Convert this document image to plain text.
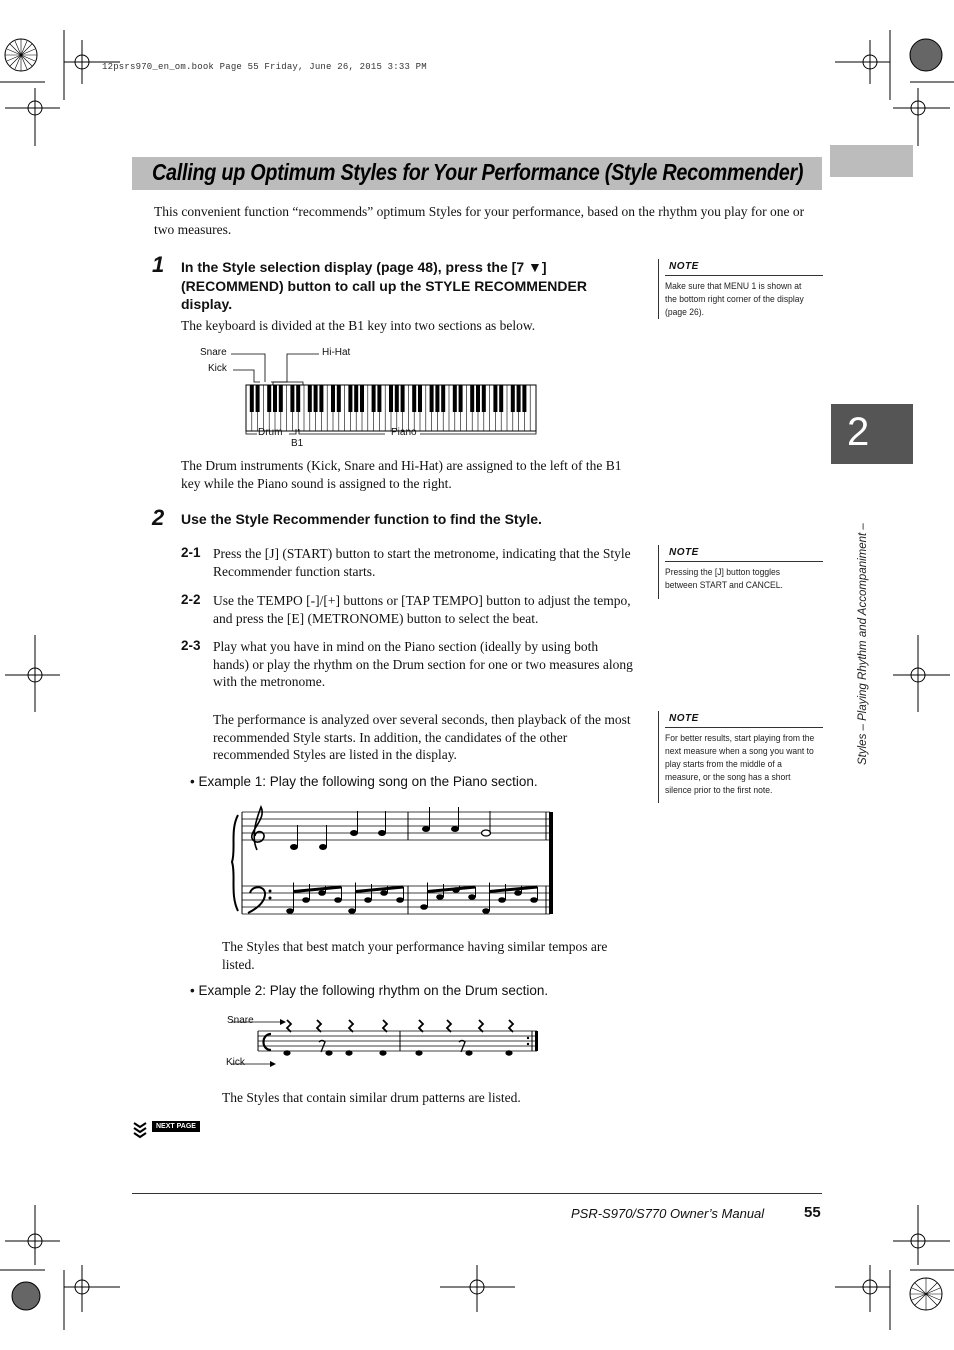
12psrs970_en_om.book Page 55 Friday, June 26, 2015 3:33 PM
Calling up Optimum Styles for Your Performance (Style Recommender)
2
Styles – Playing Rhythm and Accompaniment –
This convenient function “recommends” optimum Styles for your performance, based on the rhythm you play for one or two measures.
1 In the Style selection display (page 48), press the [7 ▼] (RECOMMEND) button to call up the STYLE RECOMMENDER display.
The keyboard is divided at the B1 key into two sections as below.
Snare
Kick
Hi-Hat
Drum	Piano
B1
The Drum instruments (Kick, Snare and Hi-Hat) are assigned to the left of the B1 key while the Piano sound is assigned to the right.
2 Use the Style Recommender function to find the Style.
2-1 Press the [J] (START) button to start the metronome, indicating that the Style Recommender function starts.
2-2 Use the TEMPO [-]/[+] buttons or [TAP TEMPO] button to adjust the tempo, and press the [E] (METRONOME) button to select the beat.
2-3 Play what you have in mind on the Piano section (ideally by using both hands) or play the rhythm on the Drum section for one or two measures along with the metronome.
The performance is analyzed over several seconds, then playback of the most recommended Style starts. In addition, the candidates of the other recommended Styles are listed in the display.
• Example 1: Play the following song on the Piano section.
The Styles that best match your performance having similar tempos are listed.
• Example 2: Play the following rhythm on the Drum section.
Snare
Kick
The Styles that contain similar drum patterns are listed.
NOTE
Make sure that MENU 1 is shown at the bottom right corner of the display (page 26).
NOTE
Pressing the [J] button toggles between START and CANCEL.
NOTE
For better results, start playing from the next measure when a song you want to play starts from the middle of a measure, or the song has a short silence prior to the first note.
NEXT PAGE
PSR-S970/S770 Owner’s Manual	55
